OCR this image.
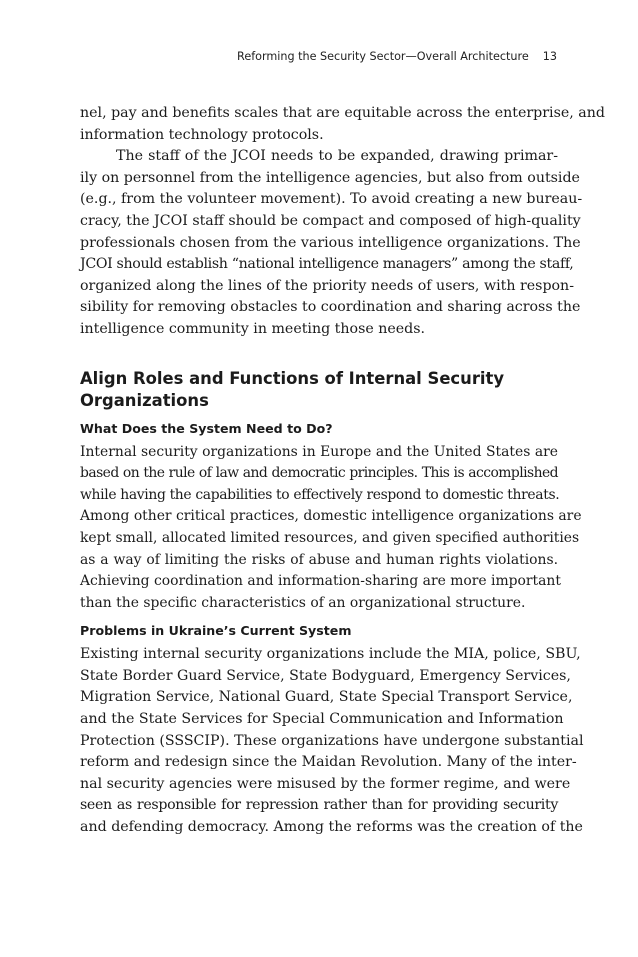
Reforming the Security Sector—Overall Architecture 13
nel, pay and benefits scales that are equitable across the enterprise, and
information technology protocols.
The staff of the JCOI needs to be expanded, drawing primar-
ily on personnel from the intelligence agencies, but also from outside
(e.g., from the volunteer movement). To avoid creating a new bureau-
cracy, the JCOI staff should be compact and composed of high-quality
professionals chosen from the various intelligence organizations. The
JCOI should establish “national intelligence managers” among the staff,
organized along the lines of the priority needs of users, with respon-
sibility for removing obstacles to coordination and sharing across the
intelligence community in meeting those needs.
Align Roles and Functions of Internal Security
Organizations
What Does the System Need to Do?
Internal security organizations in Europe and the United States are
based on the rule of law and democratic principles. This is accomplished
while having the capabilities to effectively respond to domestic threats.
Among other critical practices, domestic intelligence organizations are
kept small, allocated limited resources, and given specified authorities
as a way of limiting the risks of abuse and human rights violations.
Achieving coordination and information-sharing are more important
than the specific characteristics of an organizational structure.
Problems in Ukraine’s Current System
Existing internal security organizations include the MIA, police, SBU,
State Border Guard Service, State Bodyguard, Emergency Services,
Migration Service, National Guard, State Special Transport Service,
and the State Services for Special Communication and Information
Protection (SSSCIP). These organizations have undergone substantial
reform and redesign since the Maidan Revolution. Many of the inter-
nal security agencies were misused by the former regime, and were
seen as responsible for repression rather than for providing security
and defending democracy. Among the reforms was the creation of the
